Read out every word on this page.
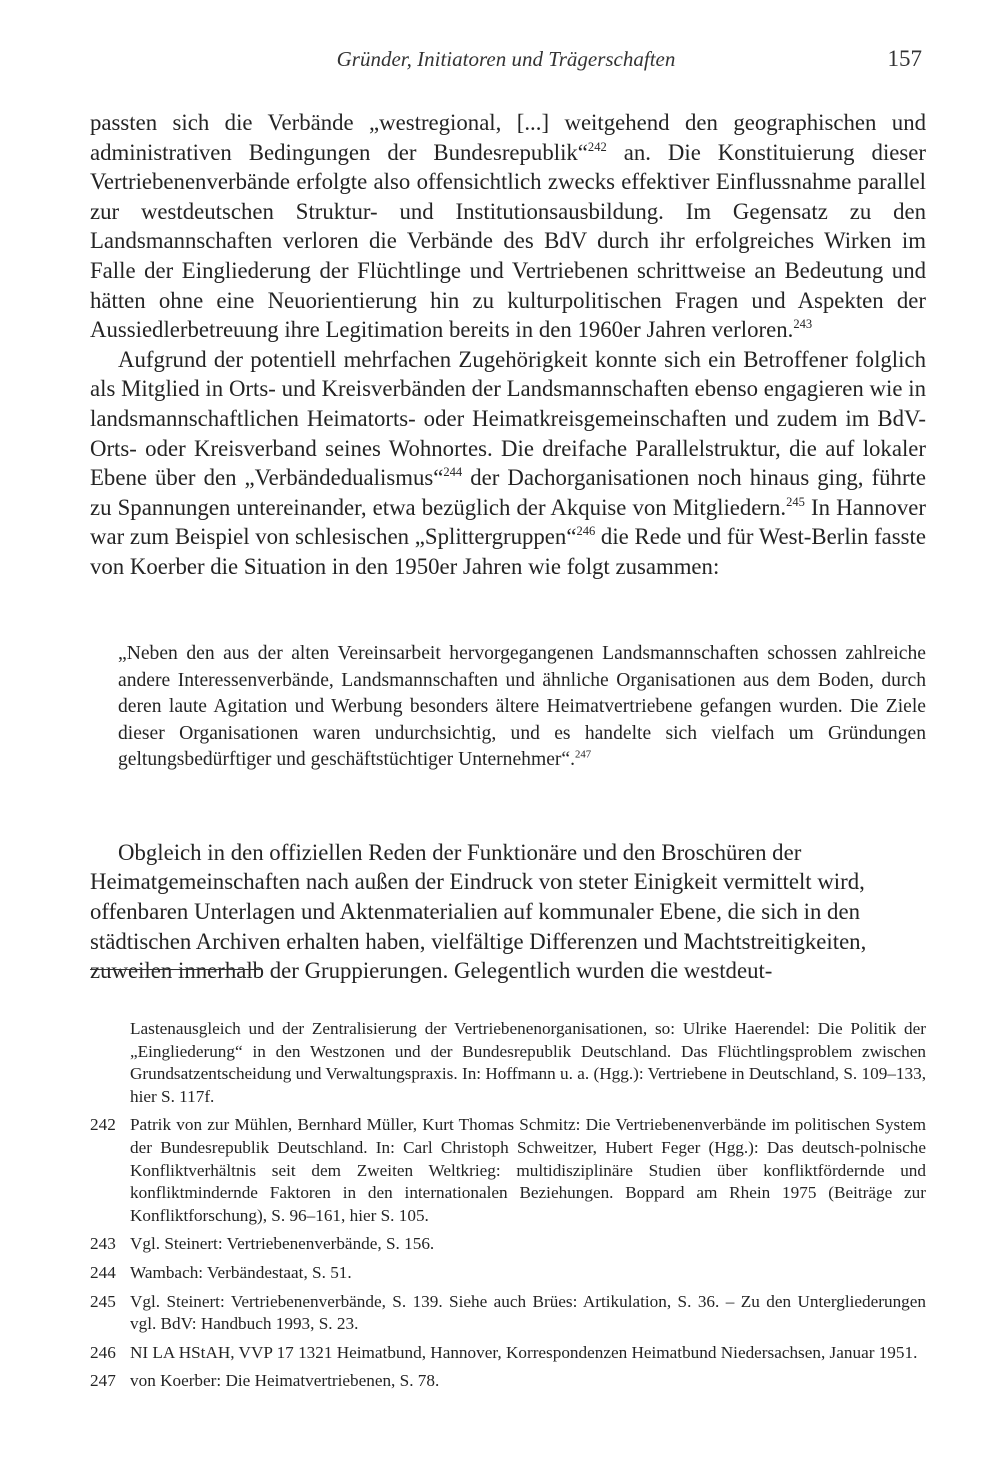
Gründer, Initiatoren und Trägerschaften	157

passten sich die Verbände „westregional, [...] weitgehend den geographischen und administrativen Bedingungen der Bundesrepublik“$^{242}$ an. Die Konstituierung dieser Vertriebenenverbände erfolgte also offensichtlich zwecks effektiver Einflussnahme parallel zur westdeutschen Struktur- und Institutionsausbildung. Im Gegensatz zu den Landsmannschaften verloren die Verbände des BdV durch ihr erfolgreiches Wirken im Falle der Eingliederung der Flüchtlinge und Vertriebenen schrittweise an Bedeutung und hätten ohne eine Neuorientierung hin zu kulturpolitischen Fragen und Aspekten der Aussiedlerbetreuung ihre Legitimation bereits in den 1960er Jahren verloren.$^{243}$

Aufgrund der potentiell mehrfachen Zugehörigkeit konnte sich ein Betroffener folglich als Mitglied in Orts- und Kreisverbänden der Landsmannschaften ebenso engagieren wie in landsmannschaftlichen Heimatorts- oder Heimatkreisgemeinschaften und zudem im BdV-Orts- oder Kreisverband seines Wohnortes. Die dreifache Parallelstruktur, die auf lokaler Ebene über den „Verbändedualismus“$^{244}$ der Dachorganisationen noch hinaus ging, führte zu Spannungen untereinander, etwa bezüglich der Akquise von Mitgliedern.$^{245}$ In Hannover war zum Beispiel von schlesischen „Splittergruppen“$^{246}$ die Rede und für West-Berlin fasste von Koerber die Situation in den 1950er Jahren wie folgt zusammen:

„Neben den aus der alten Vereinsarbeit hervorgegangenen Landsmannschaften schossen zahlreiche andere Interessenverbände, Landsmannschaften und ähnliche Organisationen aus dem Boden, durch deren laute Agitation und Werbung besonders ältere Heimatvertriebene gefangen wurden. Die Ziele dieser Organisationen waren undurchsichtig, und es handelte sich vielfach um Gründungen geltungsbedürftiger und geschäftstüchtiger Unternehmer“.$^{247}$

Obgleich in den offiziellen Reden der Funktionäre und den Broschüren der Heimatgemeinschaften nach außen der Eindruck von steter Einigkeit vermittelt wird, offenbaren Unterlagen und Aktenmaterialien auf kommunaler Ebene, die sich in den städtischen Archiven erhalten haben, vielfältige Differenzen und Machtstreitigkeiten, zuweilen innerhalb der Gruppierungen. Gelegentlich wurden die westdeut-

Lastenausgleich und der Zentralisierung der Vertriebenenorganisationen, so: Ulrike Haerendel: Die Politik der „Eingliederung“ in den Westzonen und der Bundesrepublik Deutschland. Das Flüchtlingsproblem zwischen Grundsatzentscheidung und Verwaltungspraxis. In: Hoffmann u. a. (Hgg.): Vertriebene in Deutschland, S. 109–133, hier S. 117f.

242 Patrik von zur Mühlen, Bernhard Müller, Kurt Thomas Schmitz: Die Vertriebenenverbände im politischen System der Bundesrepublik Deutschland. In: Carl Christoph Schweitzer, Hubert Feger (Hgg.): Das deutsch-polnische Konfliktverhältnis seit dem Zweiten Weltkrieg: multidisziplinäre Studien über konfliktfördernde und konfliktmindernde Faktoren in den internationalen Beziehungen. Boppard am Rhein 1975 (Beiträge zur Konfliktforschung), S. 96–161, hier S. 105.

243 Vgl. Steinert: Vertriebenenverbände, S. 156.

244 Wambach: Verbändestaat, S. 51.

245 Vgl. Steinert: Vertriebenenverbände, S. 139. Siehe auch Brües: Artikulation, S. 36. – Zu den Untergliederungen vgl. BdV: Handbuch 1993, S. 23.

246 NI LA HStAH, VVP 17 1321 Heimatbund, Hannover, Korrespondenzen Heimatbund Niedersachsen, Januar 1951.

247 von Koerber: Die Heimatvertriebenen, S. 78.
